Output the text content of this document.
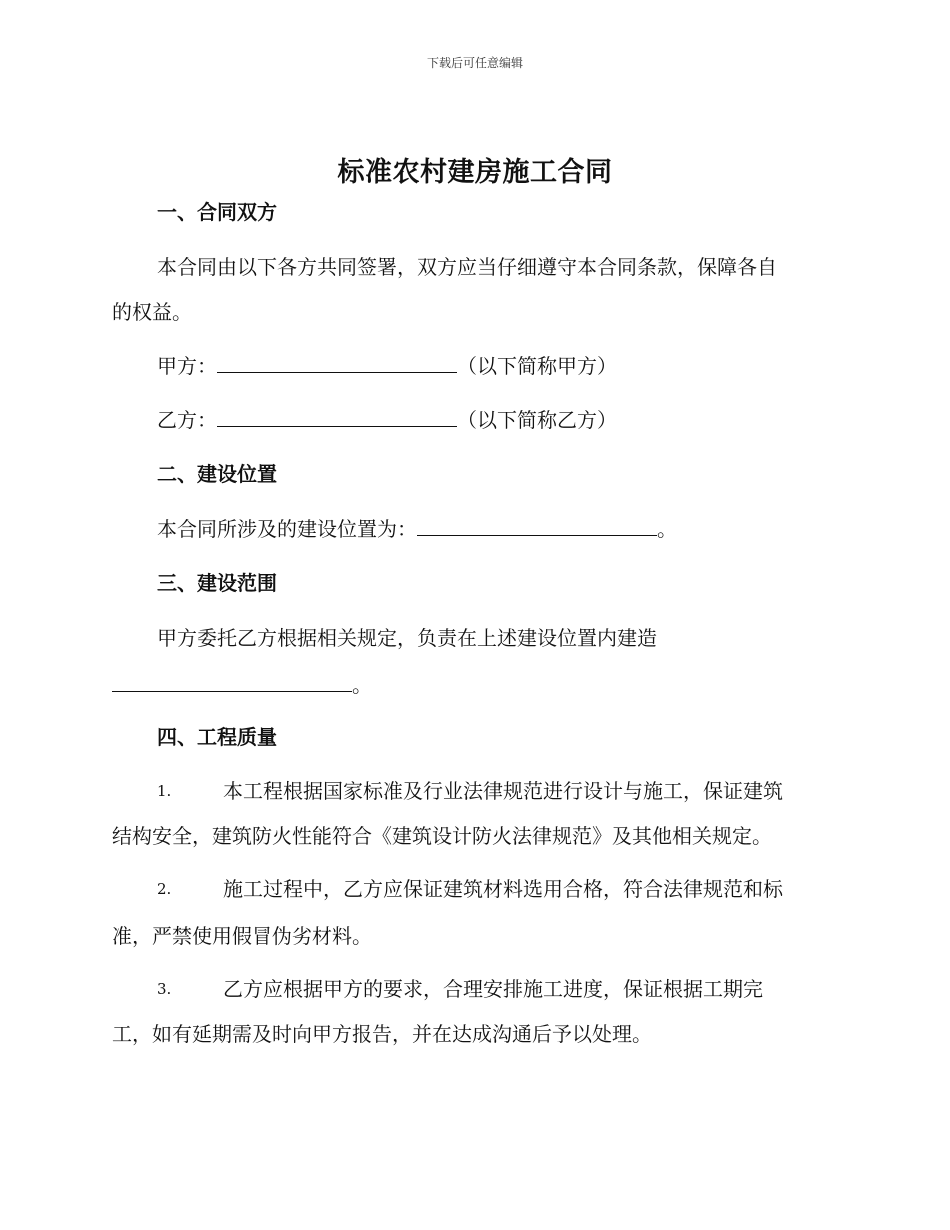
下载后可任意编辑
标准农村建房施工合同
一、合同双方
本合同由以下各方共同签署，双方应当仔细遵守本合同条款，保障各自
的权益。
甲方：	（以下简称甲方）
乙方：	（以下简称乙方）
二、建设位置
本合同所涉及的建设位置为：	。
三、建设范围
甲方委托乙方根据相关规定，负责在上述建设位置内建造
。
四、工程质量
1.	本工程根据国家标准及行业法律规范进行设计与施工，保证建筑
结构安全，建筑防火性能符合《建筑设计防火法律规范》及其他相关规定。
2.	施工过程中，乙方应保证建筑材料选用合格，符合法律规范和标
准，严禁使用假冒伪劣材料。
3.	乙方应根据甲方的要求，合理安排施工进度，保证根据工期完
工，如有延期需及时向甲方报告，并在达成沟通后予以处理。
